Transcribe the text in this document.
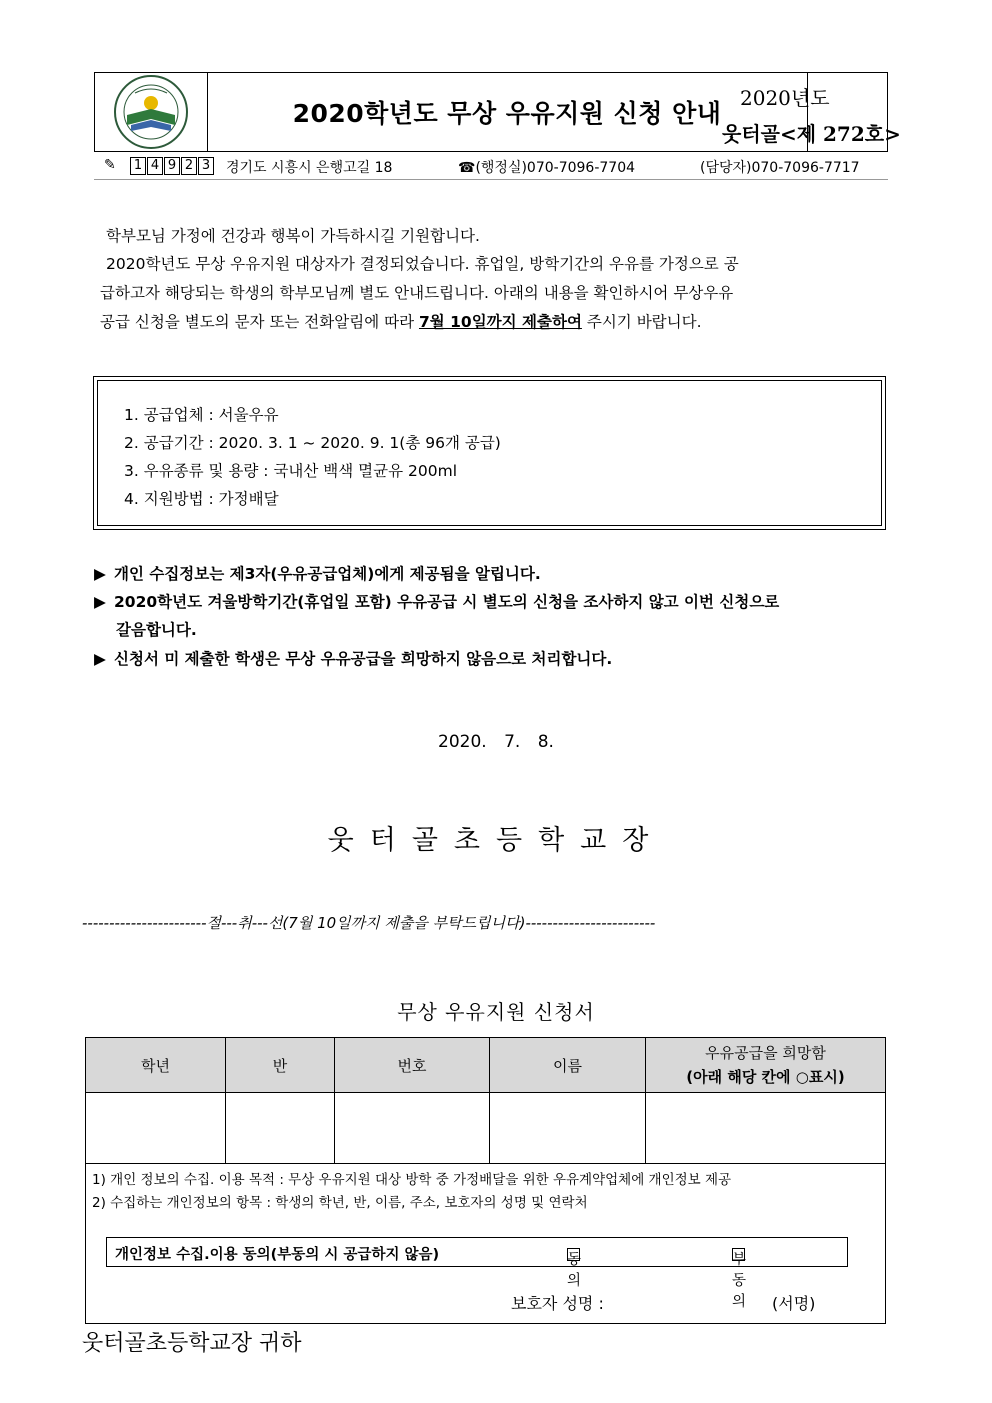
2020학년도 무상 우유지원 신청 안내
2020년도
웃터골<제 272호>
✎ 1 4 9 2 3	경기도 시흥시 은행고길 18	☎(행정실)070-7096-7704	(담당자)070-7096-7717
학부모님 가정에 건강과 행복이 가득하시길 기원합니다.
2020학년도 무상 우유지원 대상자가 결정되었습니다. 휴업일, 방학기간의 우유를 가정으로 공
급하고자 해당되는 학생의 학부모님께 별도 안내드립니다. 아래의 내용을 확인하시어 무상우유
공급 신청을 별도의 문자 또는 전화알림에 따라 7월 10일까지 제출하여 주시기 바랍니다.
1. 공급업체 : 서울우유
2. 공급기간 : 2020. 3. 1 ~ 2020. 9. 1(총 96개 공급)
3. 우유종류 및 용량 : 국내산 백색 멸균유 200ml
4. 지원방법 : 가정배달
▶ 개인 수집정보는 제3자(우유공급업체)에게 제공됨을 알립니다.
▶ 2020학년도 겨울방학기간(휴업일 포함) 우유공급 시 별도의 신청을 조사하지 않고 이번 신청으로
갈음합니다.
▶ 신청서 미 제출한 학생은 무상 우유공급을 희망하지 않음으로 처리합니다.
2020. 7. 8.
웃터골초등학교장
-----------------------절---취---선(7월 10일까지 제출을 부탁드립니다)------------------------
무상 우유지원 신청서
학년	반	번호	이름	우유공급을 희망함
(아래 해당 칸에 ○표시)

1) 개인 정보의 수집. 이용 목적 : 무상 우유지원 대상 방학 중 가정배달을 위한 우유계약업체에 개인정보 제공
2) 수집하는 개인정보의 항목 : 학생의 학년, 반, 이름, 주소, 보호자의 성명 및 연락처
개인정보 수집.이용 동의(부동의 시 공급하지 않음)	동의
부동의
보호자 성명 :	(서명)
웃터골초등학교장 귀하
